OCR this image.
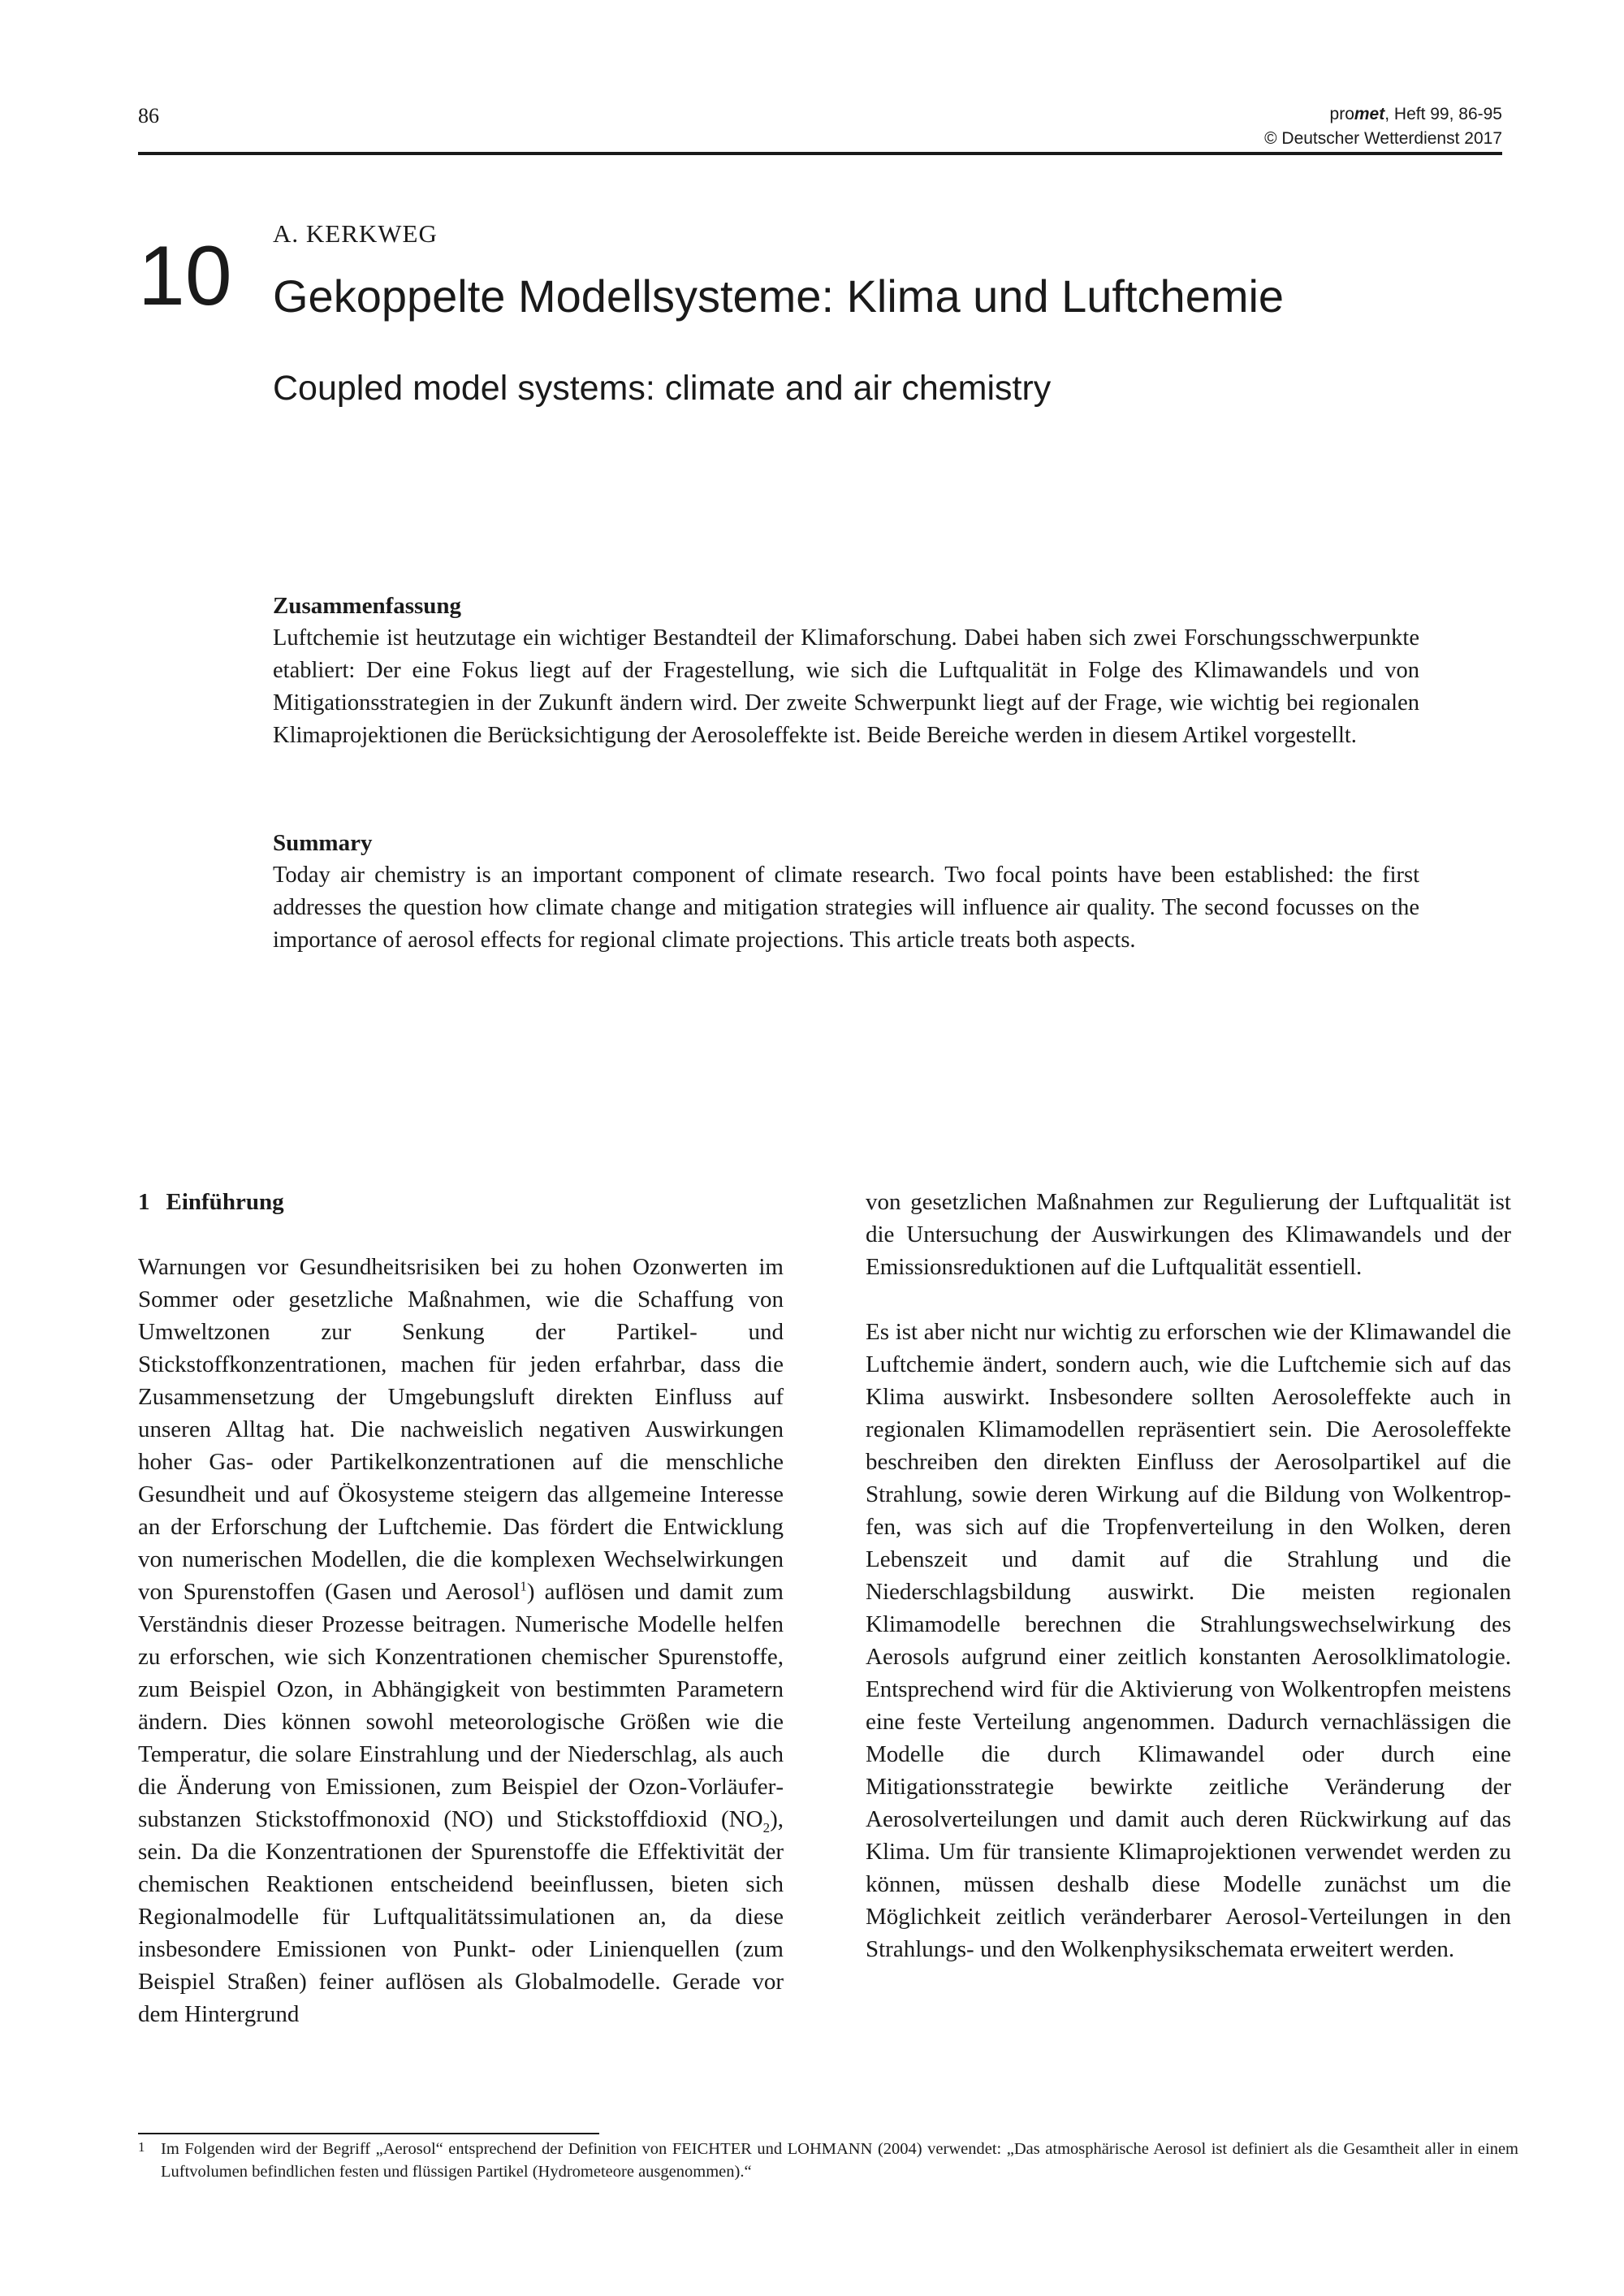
86	promet, Heft 99, 86-95
© Deutscher Wetterdienst 2017
10 A. KERKWEG
Gekoppelte Modellsysteme: Klima und Luftchemie
Coupled model systems: climate and air chemistry
Zusammenfassung

Luftchemie ist heutzutage ein wichtiger Bestandteil der Klimaforschung. Dabei haben sich zwei Forschungsschwerpunkte etabliert: Der eine Fokus liegt auf der Fragestellung, wie sich die Luftqualität in Folge des Klimawandels und von Mitigationsstrategien in der Zukunft ändern wird. Der zweite Schwerpunkt liegt auf der Frage, wie wichtig bei regionalen Klimaprojektionen die Berücksichtigung der Aerosoleffekte ist. Beide Bereiche werden in diesem Artikel vorgestellt.

Summary

Today air chemistry is an important component of climate research. Two focal points have been established: the first addresses the question how climate change and mitigation strategies will influence air quality. The second focusses on the importance of aerosol effects for regional climate projections. This article treats both aspects.

1 Einführung

Warnungen vor Gesundheitsrisiken bei zu hohen Ozonwerten im Sommer oder gesetzliche Maßnahmen, wie die Schaffung von Umweltzonen zur Senkung der Partikel- und Stickstoffkonzentrationen, machen für jeden erfahrbar, dass die Zusammensetzung der Umgebungsluft direkten Einfluss auf unseren Alltag hat. Die nachweislich negativen Auswirkungen hoher Gas- oder Partikelkonzentrationen auf die menschliche Gesundheit und auf Ökosysteme steigern das allgemeine Interesse an der Erforschung der Luftchemie. Das fördert die Entwicklung von numerischen Modellen, die die komplexen Wechselwirkungen von Spurenstoffen (Gasen und Aerosol$^1$) auflösen und damit zum Verständnis dieser Prozesse beitragen. Numerische Modelle helfen zu erforschen, wie sich Konzentrationen chemischer Spurenstoffe, zum Beispiel Ozon, in Abhängigkeit von bestimmten Parametern ändern. Dies können sowohl meteorologische Größen wie die Temperatur, die solare Einstrahlung und der Niederschlag, als auch die Änderung von Emissionen, zum Beispiel der Ozon-Vorläufersubstanzen Stickstoffmonoxid (NO) und Stickstoffdioxid $(NO_2)$, sein. Da die Konzentrationen der Spurenstoffe die Effektivität der chemischen Reaktionen entscheidend beeinflussen, bieten sich Regionalmodelle für Luftqualitätssimulationen an, da diese insbesondere Emissionen von Punkt- oder Linienquellen (zum Beispiel Straßen) feiner auflösen als Globalmodelle. Gerade vor dem Hintergrund

von gesetzlichen Maßnahmen zur Regulierung der Luftqualität ist die Untersuchung der Auswirkungen des Klimawandels und der Emissionsreduktionen auf die Luftqualität essentiell.

Es ist aber nicht nur wichtig zu erforschen wie der Klimawandel die Luftchemie ändert, sondern auch, wie die Luftchemie sich auf das Klima auswirkt. Insbesondere sollten Aerosoleffekte auch in regionalen Klimamodellen repräsentiert sein. Die Aerosoleffekte beschreiben den direkten Einfluss der Aerosolpartikel auf die Strahlung, sowie deren Wirkung auf die Bildung von Wolkentropfen, was sich auf die Tropfenverteilung in den Wolken, deren Lebenszeit und damit auf die Strahlung und die Niederschlagsbildung auswirkt. Die meisten regionalen Klimamodelle berechnen die Strahlungswechselwirkung des Aerosols aufgrund einer zeitlich konstanten Aerosolklimatologie. Entsprechend wird für die Aktivierung von Wolkentropfen meistens eine feste Verteilung angenommen. Dadurch vernachlässigen die Modelle die durch Klimawandel oder durch eine Mitigationsstrategie bewirkte zeitliche Veränderung der Aerosolverteilungen und damit auch deren Rückwirkung auf das Klima. Um für transiente Klimaprojektionen verwendet werden zu können, müssen deshalb diese Modelle zunächst um die Möglichkeit zeitlich veränderbarer Aerosol-Verteilungen in den Strahlungs- und den Wolkenphysikschemata erweitert werden.

1 Im Folgenden wird der Begriff „Aerosol“ entsprechend der Definition von FEICHTER und LOHMANN (2004) verwendet: „Das atmosphärische Aerosol ist definiert als die Gesamtheit aller in einem Luftvolumen befindlichen festen und flüssigen Partikel (Hydrometeore ausgenommen).“
